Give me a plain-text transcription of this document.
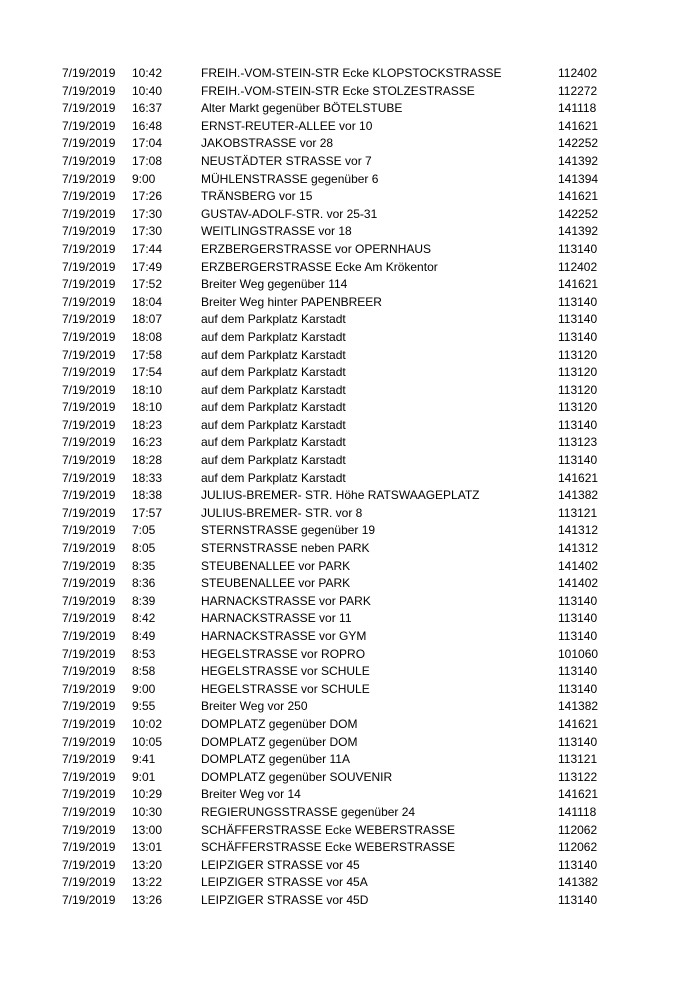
7/19/2019 10:42	FREIH.-VOM-STEIN-STR Ecke KLOPSTOCKSTRASSE	112402
7/19/2019 10:40	FREIH.-VOM-STEIN-STR Ecke STOLZESTRASSE	112272
7/19/2019 16:37	Alter Markt gegenüber BÖTELSTUBE	141118
7/19/2019 16:48	ERNST-REUTER-ALLEE vor 10	141621
7/19/2019 17:04	JAKOBSTRASSE vor 28	142252
7/19/2019 17:08	NEUSTÄDTER STRASSE vor 7	141392
7/19/2019 9:00	MÜHLENSTRASSE gegenüber 6	141394
7/19/2019 17:26	TRÄNSBERG vor 15	141621
7/19/2019 17:30	GUSTAV-ADOLF-STR. vor 25-31	142252
7/19/2019 17:30	WEITLINGSTRASSE vor 18	141392
7/19/2019 17:44	ERZBERGERSTRASSE vor OPERNHAUS	113140
7/19/2019 17:49	ERZBERGERSTRASSE Ecke Am Krökentor	112402
7/19/2019 17:52	Breiter Weg gegenüber 114	141621
7/19/2019 18:04	Breiter Weg hinter PAPENBREER	113140
7/19/2019 18:07	auf dem Parkplatz Karstadt	113140
7/19/2019 18:08	auf dem Parkplatz Karstadt	113140
7/19/2019 17:58	auf dem Parkplatz Karstadt	113120
7/19/2019 17:54	auf dem Parkplatz Karstadt	113120
7/19/2019 18:10	auf dem Parkplatz Karstadt	113120
7/19/2019 18:10	auf dem Parkplatz Karstadt	113120
7/19/2019 18:23	auf dem Parkplatz Karstadt	113140
7/19/2019 16:23	auf dem Parkplatz Karstadt	113123
7/19/2019 18:28	auf dem Parkplatz Karstadt	113140
7/19/2019 18:33	auf dem Parkplatz Karstadt	141621
7/19/2019 18:38	JULIUS-BREMER- STR. Höhe RATSWAAGEPLATZ	141382
7/19/2019 17:57	JULIUS-BREMER- STR. vor 8	113121
7/19/2019 7:05	STERNSTRASSE gegenüber 19	141312
7/19/2019 8:05	STERNSTRASSE neben PARK	141312
7/19/2019 8:35	STEUBENALLEE vor PARK	141402
7/19/2019 8:36	STEUBENALLEE vor PARK	141402
7/19/2019 8:39	HARNACKSTRASSE vor PARK	113140
7/19/2019 8:42	HARNACKSTRASSE vor 11	113140
7/19/2019 8:49	HARNACKSTRASSE vor GYM	113140
7/19/2019 8:53	HEGELSTRASSE vor ROPRO	101060
7/19/2019 8:58	HEGELSTRASSE vor SCHULE	113140
7/19/2019 9:00	HEGELSTRASSE vor SCHULE	113140
7/19/2019 9:55	Breiter Weg vor 250	141382
7/19/2019 10:02	DOMPLATZ gegenüber DOM	141621
7/19/2019 10:05	DOMPLATZ gegenüber DOM	113140
7/19/2019 9:41	DOMPLATZ gegenüber 11A	113121
7/19/2019 9:01	DOMPLATZ gegenüber SOUVENIR	113122
7/19/2019 10:29	Breiter Weg vor 14	141621
7/19/2019 10:30	REGIERUNGSSTRASSE gegenüber 24	141118
7/19/2019 13:00	SCHÄFFERSTRASSE Ecke WEBERSTRASSE	112062
7/19/2019 13:01	SCHÄFFERSTRASSE Ecke WEBERSTRASSE	112062
7/19/2019 13:20	LEIPZIGER STRASSE vor 45	113140
7/19/2019 13:22	LEIPZIGER STRASSE vor 45A	141382
7/19/2019 13:26	LEIPZIGER STRASSE vor 45D	113140
